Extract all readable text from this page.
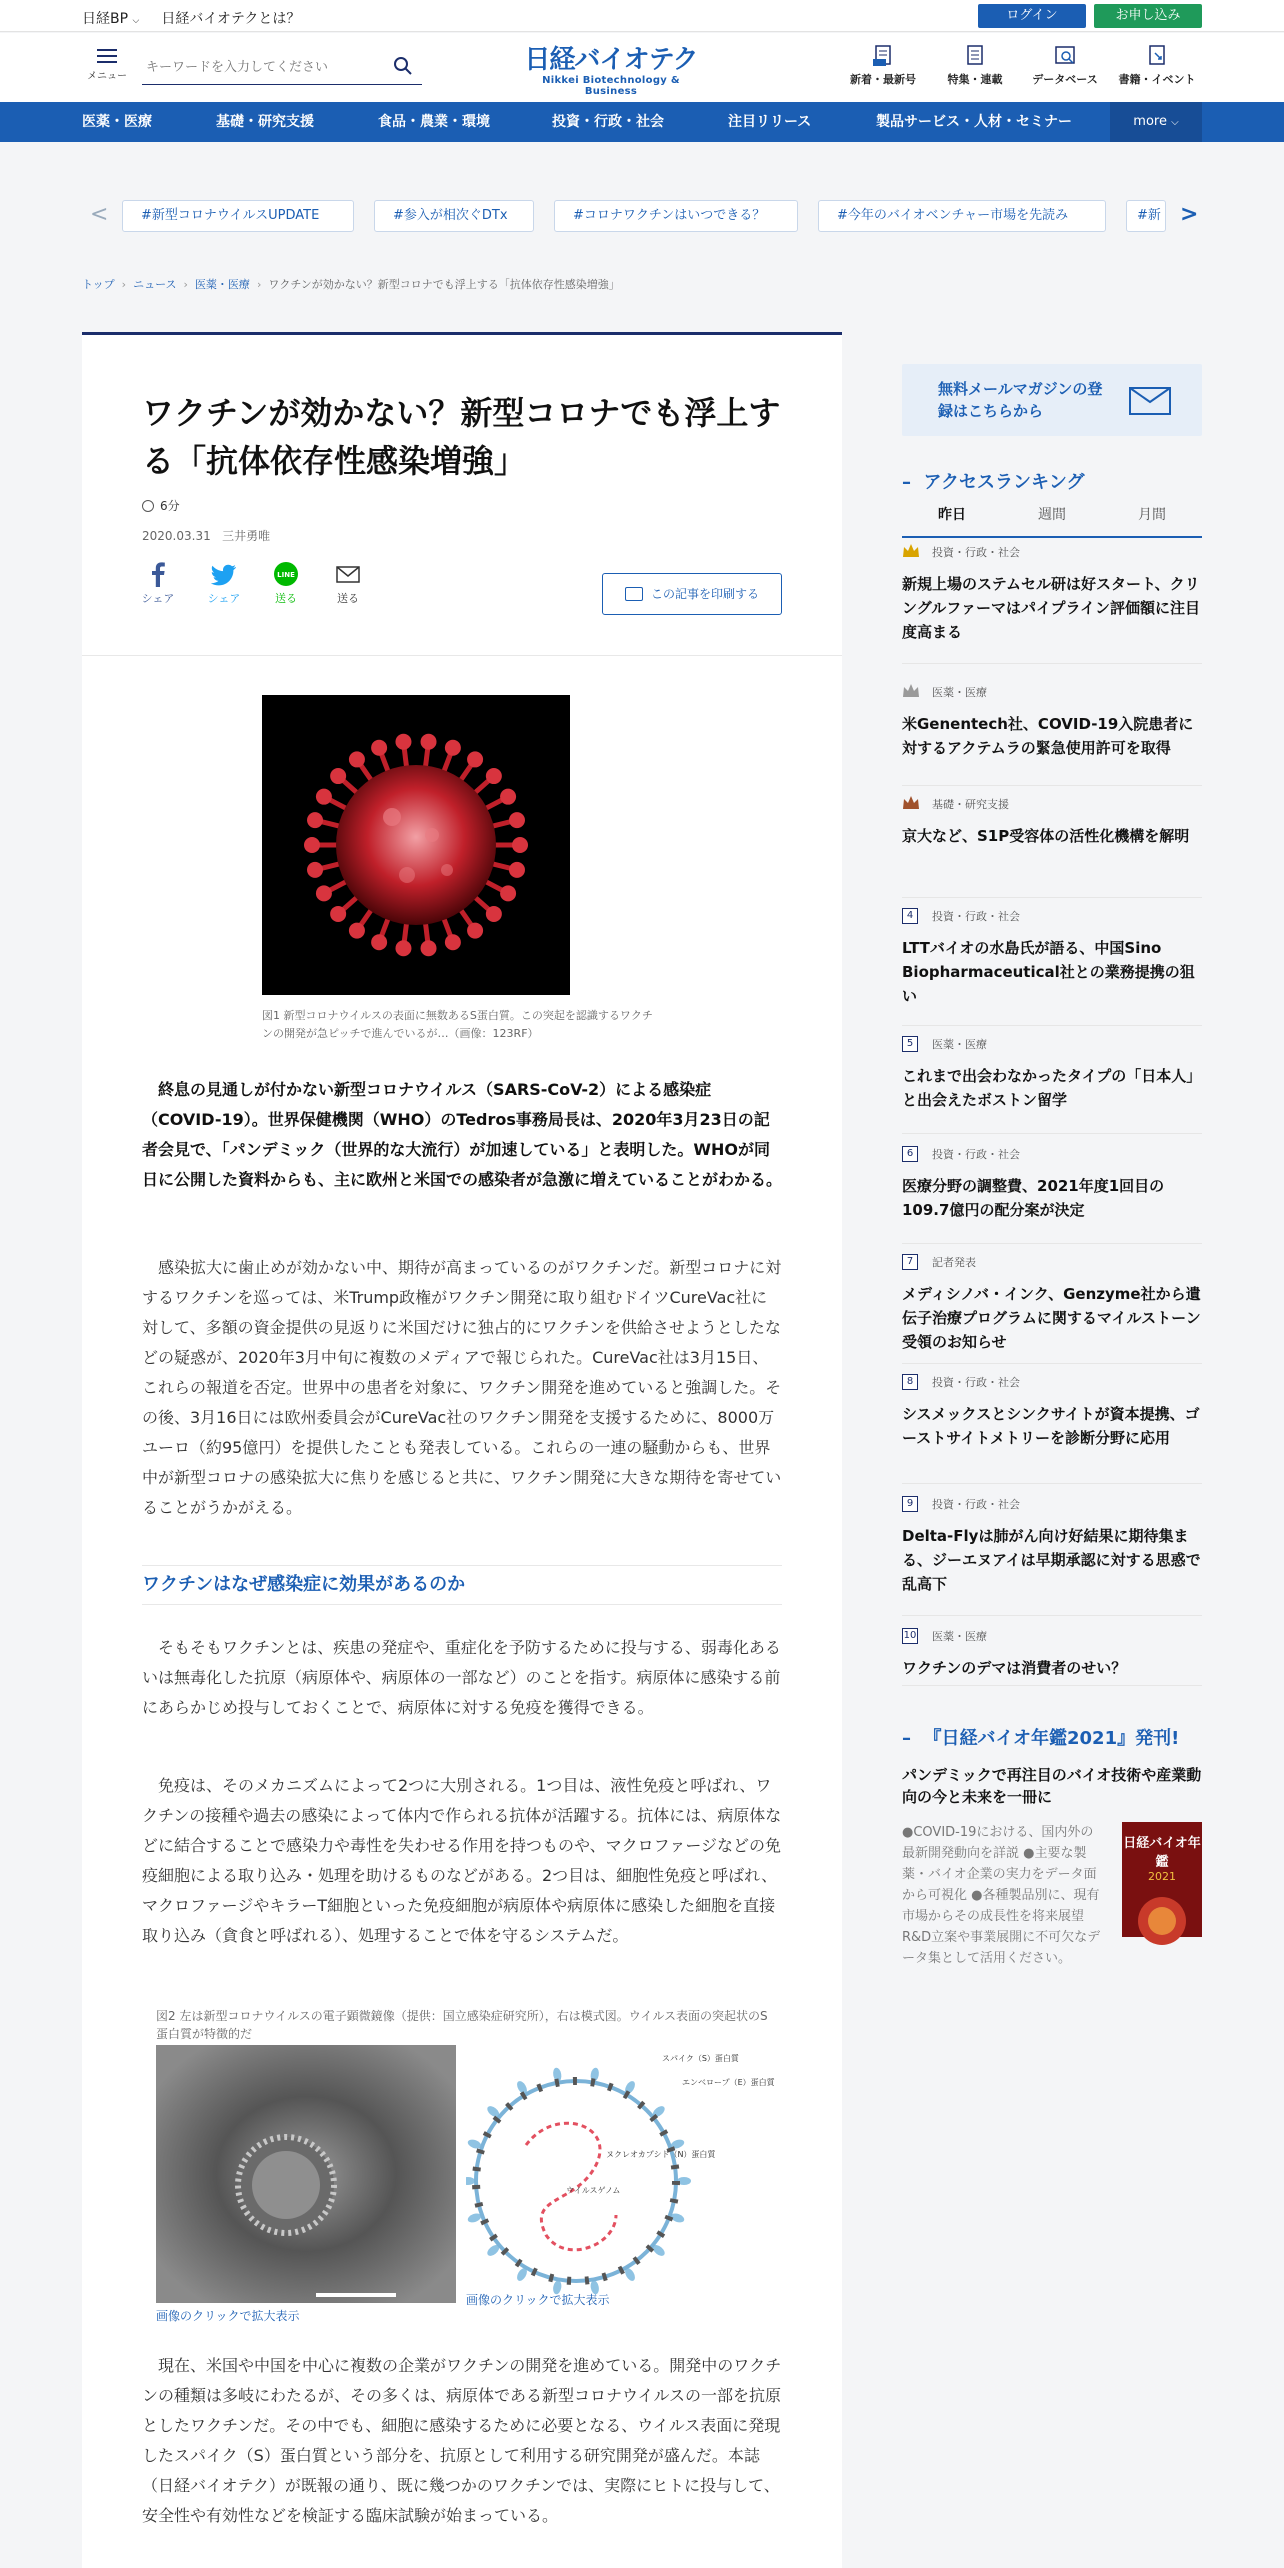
日経BP ⌵ 日経バイオテクとは？	ログイン	お申し込み
メニュー
キーワードを入力してください
日経バイオテク
Nikkei Biotechnology & Business
新着・最新号	特集・連載	データベース	書籍・イベント
医薬・医療	基礎・研究支援	食品・農業・環境	投資・行政・社会	注目リリース	製品サービス・人材・セミナー	more ⌵
<	#新型コロナウイルスUPDATE	#参入が相次ぐDTx	#コロナワクチンはいつできる？	#今年のバイオベンチャー市場を先読み	#新 >
トップ › ニュース › 医薬・医療 › ワクチンが効かない？新型コロナでも浮上する「抗体依存性感染増強」
ワクチンが効かない？新型コロナでも浮上する「抗体依存性感染増強」
6分
2020.03.31 三井勇唯
シェア	シェア
LINE
送る	送る	この記事を印刷する
図1 新型コロナウイルスの表面に無数あるS蛋白質。この突起を認識するワクチンの開発が急ピッチで進んでいるが…（画像：123RF）

終息の見通しが付かない新型コロナウイルス（SARS-CoV-2）による感染症（COVID-19）。世界保健機関（WHO）のTedros事務局長は、2020年3月23日の記者会見で、「パンデミック（世界的な大流行）が加速している」と表明した。WHOが同日に公開した資料からも、主に欧州と米国での感染者が急激に増えていることがわかる。

感染拡大に歯止めが効かない中、期待が高まっているのがワクチンだ。新型コロナに対するワクチンを巡っては、米Trump政権がワクチン開発に取り組むドイツCureVac社に対して、多額の資金提供の見返りに米国だけに独占的にワクチンを供給させようとしたなどの疑惑が、2020年3月中旬に複数のメディアで報じられた。CureVac社は3月15日、これらの報道を否定。世界中の患者を対象に、ワクチン開発を進めていると強調した。その後、3月16日には欧州委員会がCureVac社のワクチン開発を支援するために、8000万ユーロ（約95億円）を提供したことも発表している。これらの一連の騒動からも、世界中が新型コロナの感染拡大に焦りを感じると共に、ワクチン開発に大きな期待を寄せていることがうかがえる。

ワクチンはなぜ感染症に効果があるのか

そもそもワクチンとは、疾患の発症や、重症化を予防するために投与する、弱毒化あるいは無毒化した抗原（病原体や、病原体の一部など）のことを指す。病原体に感染する前にあらかじめ投与しておくことで、病原体に対する免疫を獲得できる。

免疫は、そのメカニズムによって2つに大別される。1つ目は、液性免疫と呼ばれ、ワクチンの接種や過去の感染によって体内で作られる抗体が活躍する。抗体には、病原体などに結合することで感染力や毒性を失わせる作用を持つものや、マクロファージなどの免疫細胞による取り込み・処理を助けるものなどがある。2つ目は、細胞性免疫と呼ばれ、マクロファージやキラーT細胞といった免疫細胞が病原体や病原体に感染した細胞を直接取り込み（貪食と呼ばれる）、処理することで体を守るシステムだ。

図2 左は新型コロナウイルスの電子顕微鏡像（提供：国立感染症研究所），右は模式図。ウイルス表面の突起状のS蛋白質が特徴的だ
スパイク（S）蛋白質
エンベロープ（E）蛋白質
ヌクレオカプシド（N）蛋白質
ウイルスゲノム
画像のクリックで拡大表示
画像のクリックで拡大表示

現在、米国や中国を中心に複数の企業がワクチンの開発を進めている。開発中のワクチンの種類は多岐にわたるが、その多くは、病原体である新型コロナウイルスの一部を抗原としたワクチンだ。その中でも、細胞に感染するために必要となる、ウイルス表面に発現したスパイク（S）蛋白質という部分を、抗原として利用する研究開発が盛んだ。本誌（日経バイオテク）が既報の通り、既に幾つかのワクチンでは、実際にヒトに投与して、安全性や有効性などを検証する臨床試験が始まっている。

無料メールマガジンの登録はこちらから
–  アクセスランキング
昨日	週間	月間
投資・行政・社会
新規上場のステムセル研は好スタート、クリングルファーマはパイプライン評価額に注目度高まる
医薬・医療
米Genentech社、COVID-19入院患者に対するアクテムラの緊急使用許可を取得
基礎・研究支援
京大など、S1P受容体の活性化機構を解明
4	投資・行政・社会
LTTバイオの水島氏が語る、中国Sino Biopharmaceutical社との業務提携の狙い
5	医薬・医療
これまで出会わなかったタイプの「日本人」と出会えたボストン留学
6	投資・行政・社会
医療分野の調整費、2021年度1回目の109.7億円の配分案が決定
7	記者発表
メディシノバ・インク、Genzyme社から遺伝子治療プログラムに関するマイルストーン受領のお知らせ
8	投資・行政・社会
シスメックスとシンクサイトが資本提携、ゴーストサイトメトリーを診断分野に応用
9	投資・行政・社会
Delta-Flyは肺がん向け好結果に期待集まる、ジーエヌアイは早期承認に対する思惑で乱高下
10 医薬・医療
ワクチンのデマは消費者のせい？
–  『日経バイオ年鑑2021』発刊!
パンデミックで再注目のバイオ技術や産業動向の今と未来を一冊に
●COVID-19における、国内外の最新開発動向を詳説 ●主要な製薬・バイオ企業の実力をデータ面から可視化 ●各種製品別に、現有市場からその成長性を将来展望 R&D立案や事業展開に不可欠なデータ集として活用ください。
日経バイオ年鑑
2021
